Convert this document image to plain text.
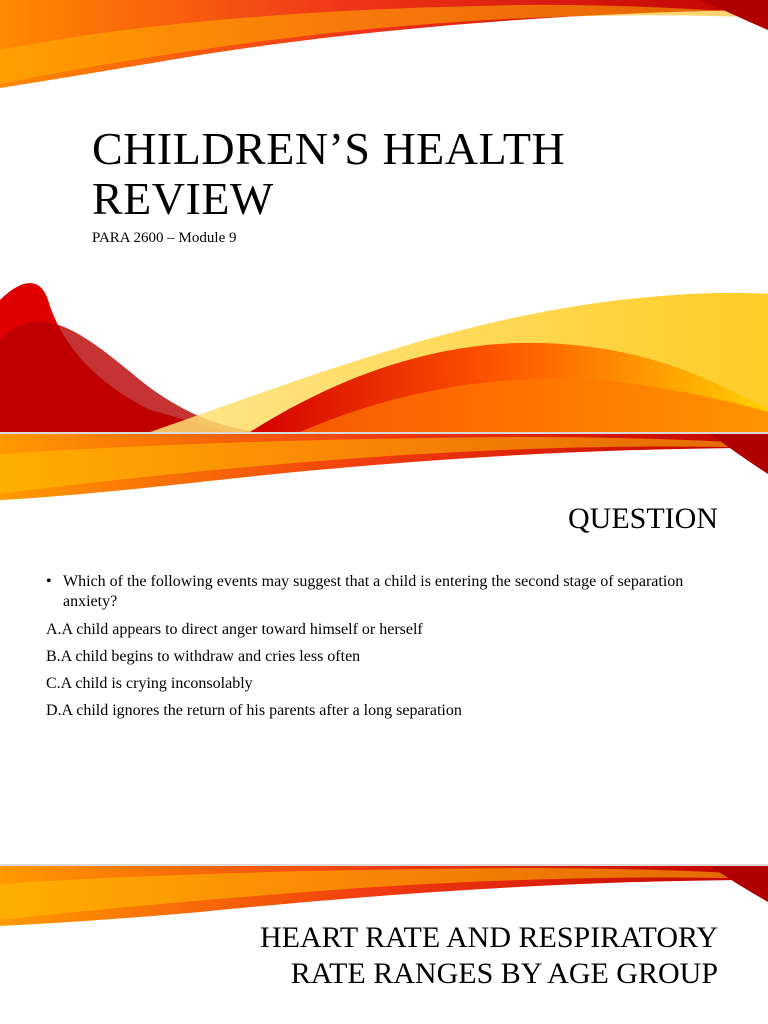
CHILDREN’S HEALTH REVIEW
PARA 2600 – Module 9
QUESTION
• Which of the following events may suggest that a child is entering the second stage of separation anxiety?
A.A child appears to direct anger toward himself or herself
B.A child begins to withdraw and cries less often
C.A child is crying inconsolably
D.A child ignores the return of his parents after a long separation
HEART RATE AND RESPIRATORY
RATE RANGES BY AGE GROUP
